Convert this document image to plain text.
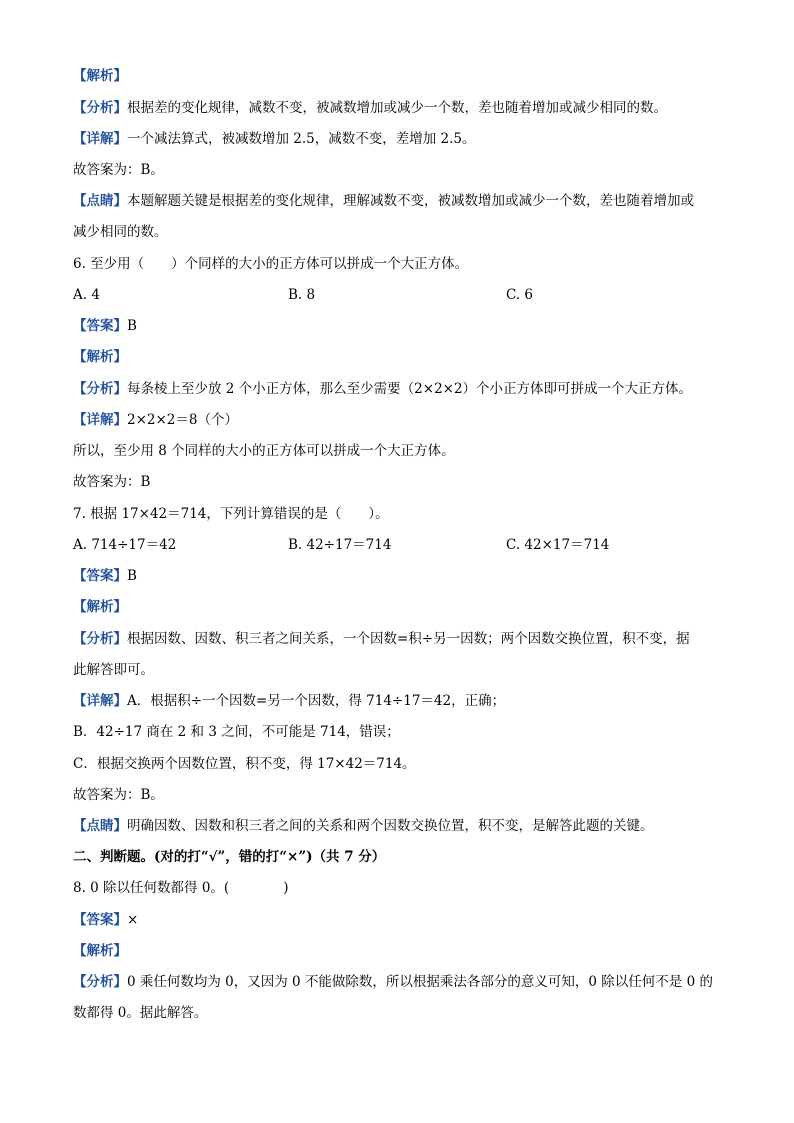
【解析】
【分析】根据差的变化规律，减数不变，被减数增加或减少一个数，差也随着增加或减少相同的数。
【详解】一个减法算式，被减数增加 2.5，减数不变，差增加 2.5。
故答案为：B。
【点睛】本题解题关键是根据差的变化规律，理解减数不变，被减数增加或减少一个数，差也随着增加或
减少相同的数。
6. 至少用（　　）个同样的大小的正方体可以拼成一个大正方体。
A. 4	B. 8	C. 6
【答案】B
【解析】
【分析】每条棱上至少放 2 个小正方体，那么至少需要（2×2×2）个小正方体即可拼成一个大正方体。
【详解】2×2×2＝8（个）
所以，至少用 8 个同样的大小的正方体可以拼成一个大正方体。
故答案为：B
7. 根据 17×42＝714，下列计算错误的是（　　）。
A. 714÷17＝42	B. 42÷17＝714	C. 42×17＝714
【答案】B
【解析】
【分析】根据因数、因数、积三者之间关系，一个因数=积÷另一因数；两个因数交换位置，积不变，据
此解答即可。
【详解】A．根据积÷一个因数=另一个因数，得 714÷17＝42，正确；
B．42÷17 商在 2 和 3 之间，不可能是 714，错误；
C．根据交换两个因数位置，积不变，得 17×42＝714。
故答案为：B。
【点睛】明确因数、因数和积三者之间的关系和两个因数交换位置，积不变，是解答此题的关键。
二、判断题。(对的打“√”，错的打“×”)（共 7 分）
8. 0 除以任何数都得 0。(　　　　)
【答案】×
【解析】
【分析】0 乘任何数均为 0，又因为 0 不能做除数，所以根据乘法各部分的意义可知，0 除以任何不是 0 的
数都得 0。据此解答。
